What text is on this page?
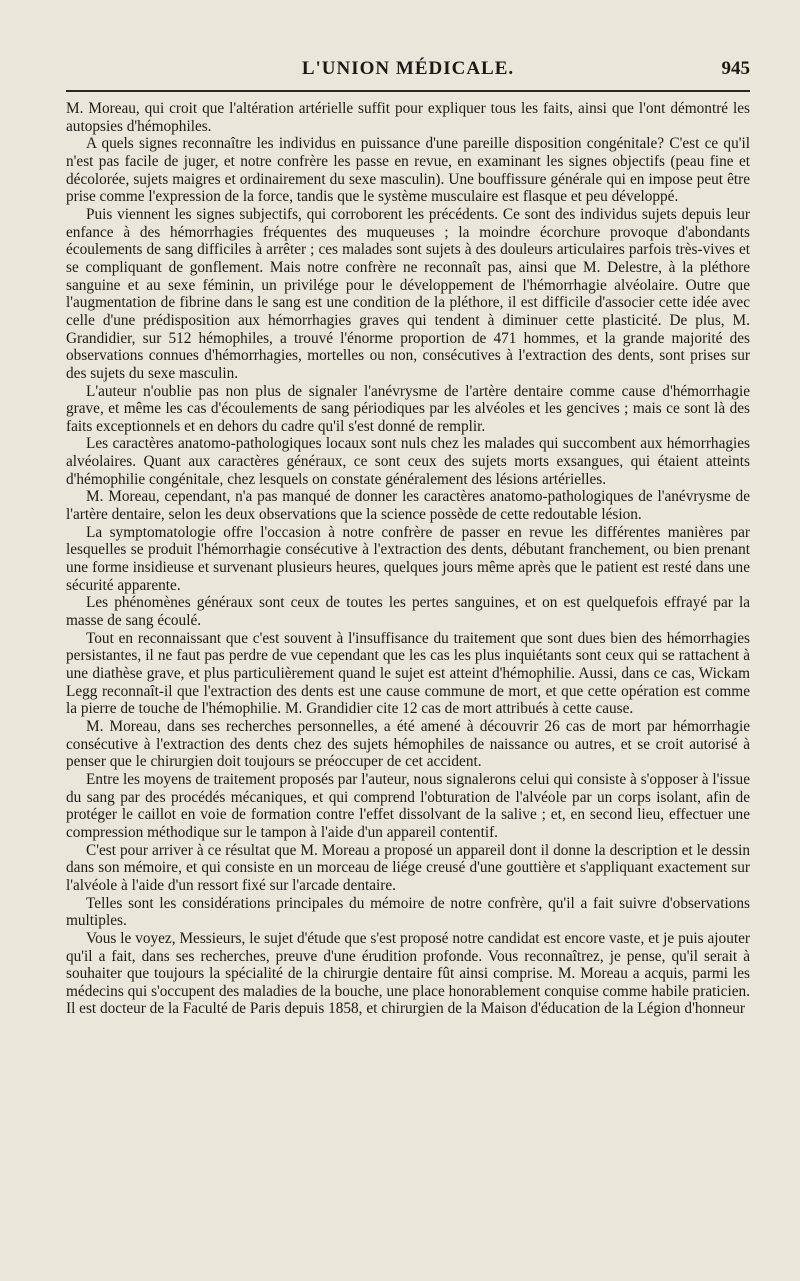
L'UNION MÉDICALE.	945

M. Moreau, qui croit que l'altération artérielle suffit pour expliquer tous les faits, ainsi que l'ont démontré les autopsies d'hémophiles.

A quels signes reconnaître les individus en puissance d'une pareille disposition congénitale? C'est ce qu'il n'est pas facile de juger, et notre confrère les passe en revue, en examinant les signes objectifs (peau fine et décolorée, sujets maigres et ordinairement du sexe masculin). Une bouffissure générale qui en impose peut être prise comme l'expression de la force, tandis que le système musculaire est flasque et peu développé.

Puis viennent les signes subjectifs, qui corroborent les précédents. Ce sont des individus sujets depuis leur enfance à des hémorrhagies fréquentes des muqueuses ; la moindre écorchure provoque d'abondants écoulements de sang difficiles à arrêter ; ces malades sont sujets à des douleurs articulaires parfois très-vives et se compliquant de gonflement. Mais notre confrère ne reconnaît pas, ainsi que M. Delestre, à la pléthore sanguine et au sexe féminin, un privilége pour le développement de l'hémorrhagie alvéolaire. Outre que l'augmentation de fibrine dans le sang est une condition de la pléthore, il est difficile d'associer cette idée avec celle d'une prédisposition aux hémorrhagies graves qui tendent à diminuer cette plasticité. De plus, M. Grandidier, sur 512 hémophiles, a trouvé l'énorme proportion de 471 hommes, et la grande majorité des observations connues d'hémorrhagies, mortelles ou non, consécutives à l'extraction des dents, sont prises sur des sujets du sexe masculin.

L'auteur n'oublie pas non plus de signaler l'anévrysme de l'artère dentaire comme cause d'hémorrhagie grave, et même les cas d'écoulements de sang périodiques par les alvéoles et les gencives ; mais ce sont là des faits exceptionnels et en dehors du cadre qu'il s'est donné de remplir.

Les caractères anatomo-pathologiques locaux sont nuls chez les malades qui succombent aux hémorrhagies alvéolaires. Quant aux caractères généraux, ce sont ceux des sujets morts exsangues, qui étaient atteints d'hémophilie congénitale, chez lesquels on constate généralement des lésions artérielles.

M. Moreau, cependant, n'a pas manqué de donner les caractères anatomo-pathologiques de l'anévrysme de l'artère dentaire, selon les deux observations que la science possède de cette redoutable lésion.

La symptomatologie offre l'occasion à notre confrère de passer en revue les différentes manières par lesquelles se produit l'hémorrhagie consécutive à l'extraction des dents, débutant franchement, ou bien prenant une forme insidieuse et survenant plusieurs heures, quelques jours même après que le patient est resté dans une sécurité apparente.

Les phénomènes généraux sont ceux de toutes les pertes sanguines, et on est quelquefois effrayé par la masse de sang écoulé.

Tout en reconnaissant que c'est souvent à l'insuffisance du traitement que sont dues bien des hémorrhagies persistantes, il ne faut pas perdre de vue cependant que les cas les plus inquiétants sont ceux qui se rattachent à une diathèse grave, et plus particulièrement quand le sujet est atteint d'hémophilie. Aussi, dans ce cas, Wickam Legg reconnaît-il que l'extraction des dents est une cause commune de mort, et que cette opération est comme la pierre de touche de l'hémophilie. M. Grandidier cite 12 cas de mort attribués à cette cause.

M. Moreau, dans ses recherches personnelles, a été amené à découvrir 26 cas de mort par hémorrhagie consécutive à l'extraction des dents chez des sujets hémophiles de naissance ou autres, et se croit autorisé à penser que le chirurgien doit toujours se préoccuper de cet accident.

Entre les moyens de traitement proposés par l'auteur, nous signalerons celui qui consiste à s'opposer à l'issue du sang par des procédés mécaniques, et qui comprend l'obturation de l'alvéole par un corps isolant, afin de protéger le caillot en voie de formation contre l'effet dissolvant de la salive ; et, en second lieu, effectuer une compression méthodique sur le tampon à l'aide d'un appareil contentif.

C'est pour arriver à ce résultat que M. Moreau a proposé un appareil dont il donne la description et le dessin dans son mémoire, et qui consiste en un morceau de liége creusé d'une gouttière et s'appliquant exactement sur l'alvéole à l'aide d'un ressort fixé sur l'arcade dentaire.

Telles sont les considérations principales du mémoire de notre confrère, qu'il a fait suivre d'observations multiples.

Vous le voyez, Messieurs, le sujet d'étude que s'est proposé notre candidat est encore vaste, et je puis ajouter qu'il a fait, dans ses recherches, preuve d'une érudition profonde. Vous reconnaîtrez, je pense, qu'il serait à souhaiter que toujours la spécialité de la chirurgie dentaire fût ainsi comprise. M. Moreau a acquis, parmi les médecins qui s'occupent des maladies de la bouche, une place honorablement conquise comme habile praticien. Il est docteur de la Faculté de Paris depuis 1858, et chirurgien de la Maison d'éducation de la Légion d'honneur
